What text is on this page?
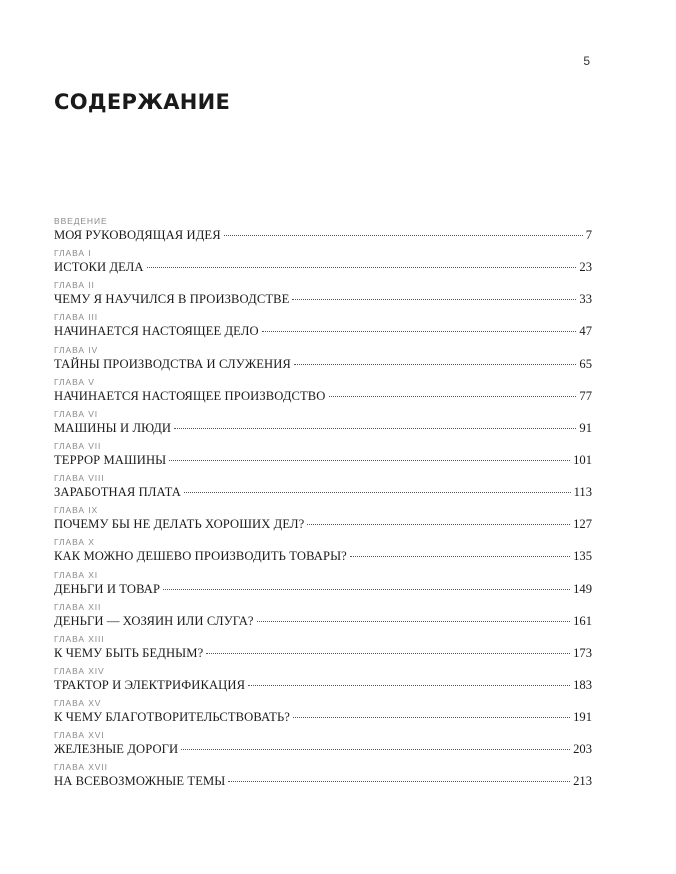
5
СОДЕРЖАНИЕ
ВВЕДЕНИЕ
МОЯ РУКОВОДЯЩАЯ ИДЕЯ	7
ГЛАВА I
ИСТОКИ ДЕЛА	23
ГЛАВА II
ЧЕМУ Я НАУЧИЛСЯ В ПРОИЗВОДСТВЕ	33
ГЛАВА III
НАЧИНАЕТСЯ НАСТОЯЩЕЕ ДЕЛО	47
ГЛАВА IV
ТАЙНЫ ПРОИЗВОДСТВА И СЛУЖЕНИЯ	65
ГЛАВА V
НАЧИНАЕТСЯ НАСТОЯЩЕЕ ПРОИЗВОДСТВО	77
ГЛАВА VI
МАШИНЫ И ЛЮДИ	91
ГЛАВА VII
ТЕРРОР МАШИНЫ	101
ГЛАВА VIII
ЗАРАБОТНАЯ ПЛАТА	113
ГЛАВА IX
ПОЧЕМУ БЫ НЕ ДЕЛАТЬ ХОРОШИХ ДЕЛ?	127
ГЛАВА X
КАК МОЖНО ДЕШЕВО ПРОИЗВОДИТЬ ТОВАРЫ?	135
ГЛАВА XI
ДЕНЬГИ И ТОВАР	149
ГЛАВА XII
ДЕНЬГИ — ХОЗЯИН ИЛИ СЛУГА?	161
ГЛАВА XIII
К ЧЕМУ БЫТЬ БЕДНЫМ?	173
ГЛАВА XIV
ТРАКТОР И ЭЛЕКТРИФИКАЦИЯ	183
ГЛАВА XV
К ЧЕМУ БЛАГОТВОРИТЕЛЬСТВОВАТЬ?	191
ГЛАВА XVI
ЖЕЛЕЗНЫЕ ДОРОГИ	203
ГЛАВА XVII
НА ВСЕВОЗМОЖНЫЕ ТЕМЫ	213
